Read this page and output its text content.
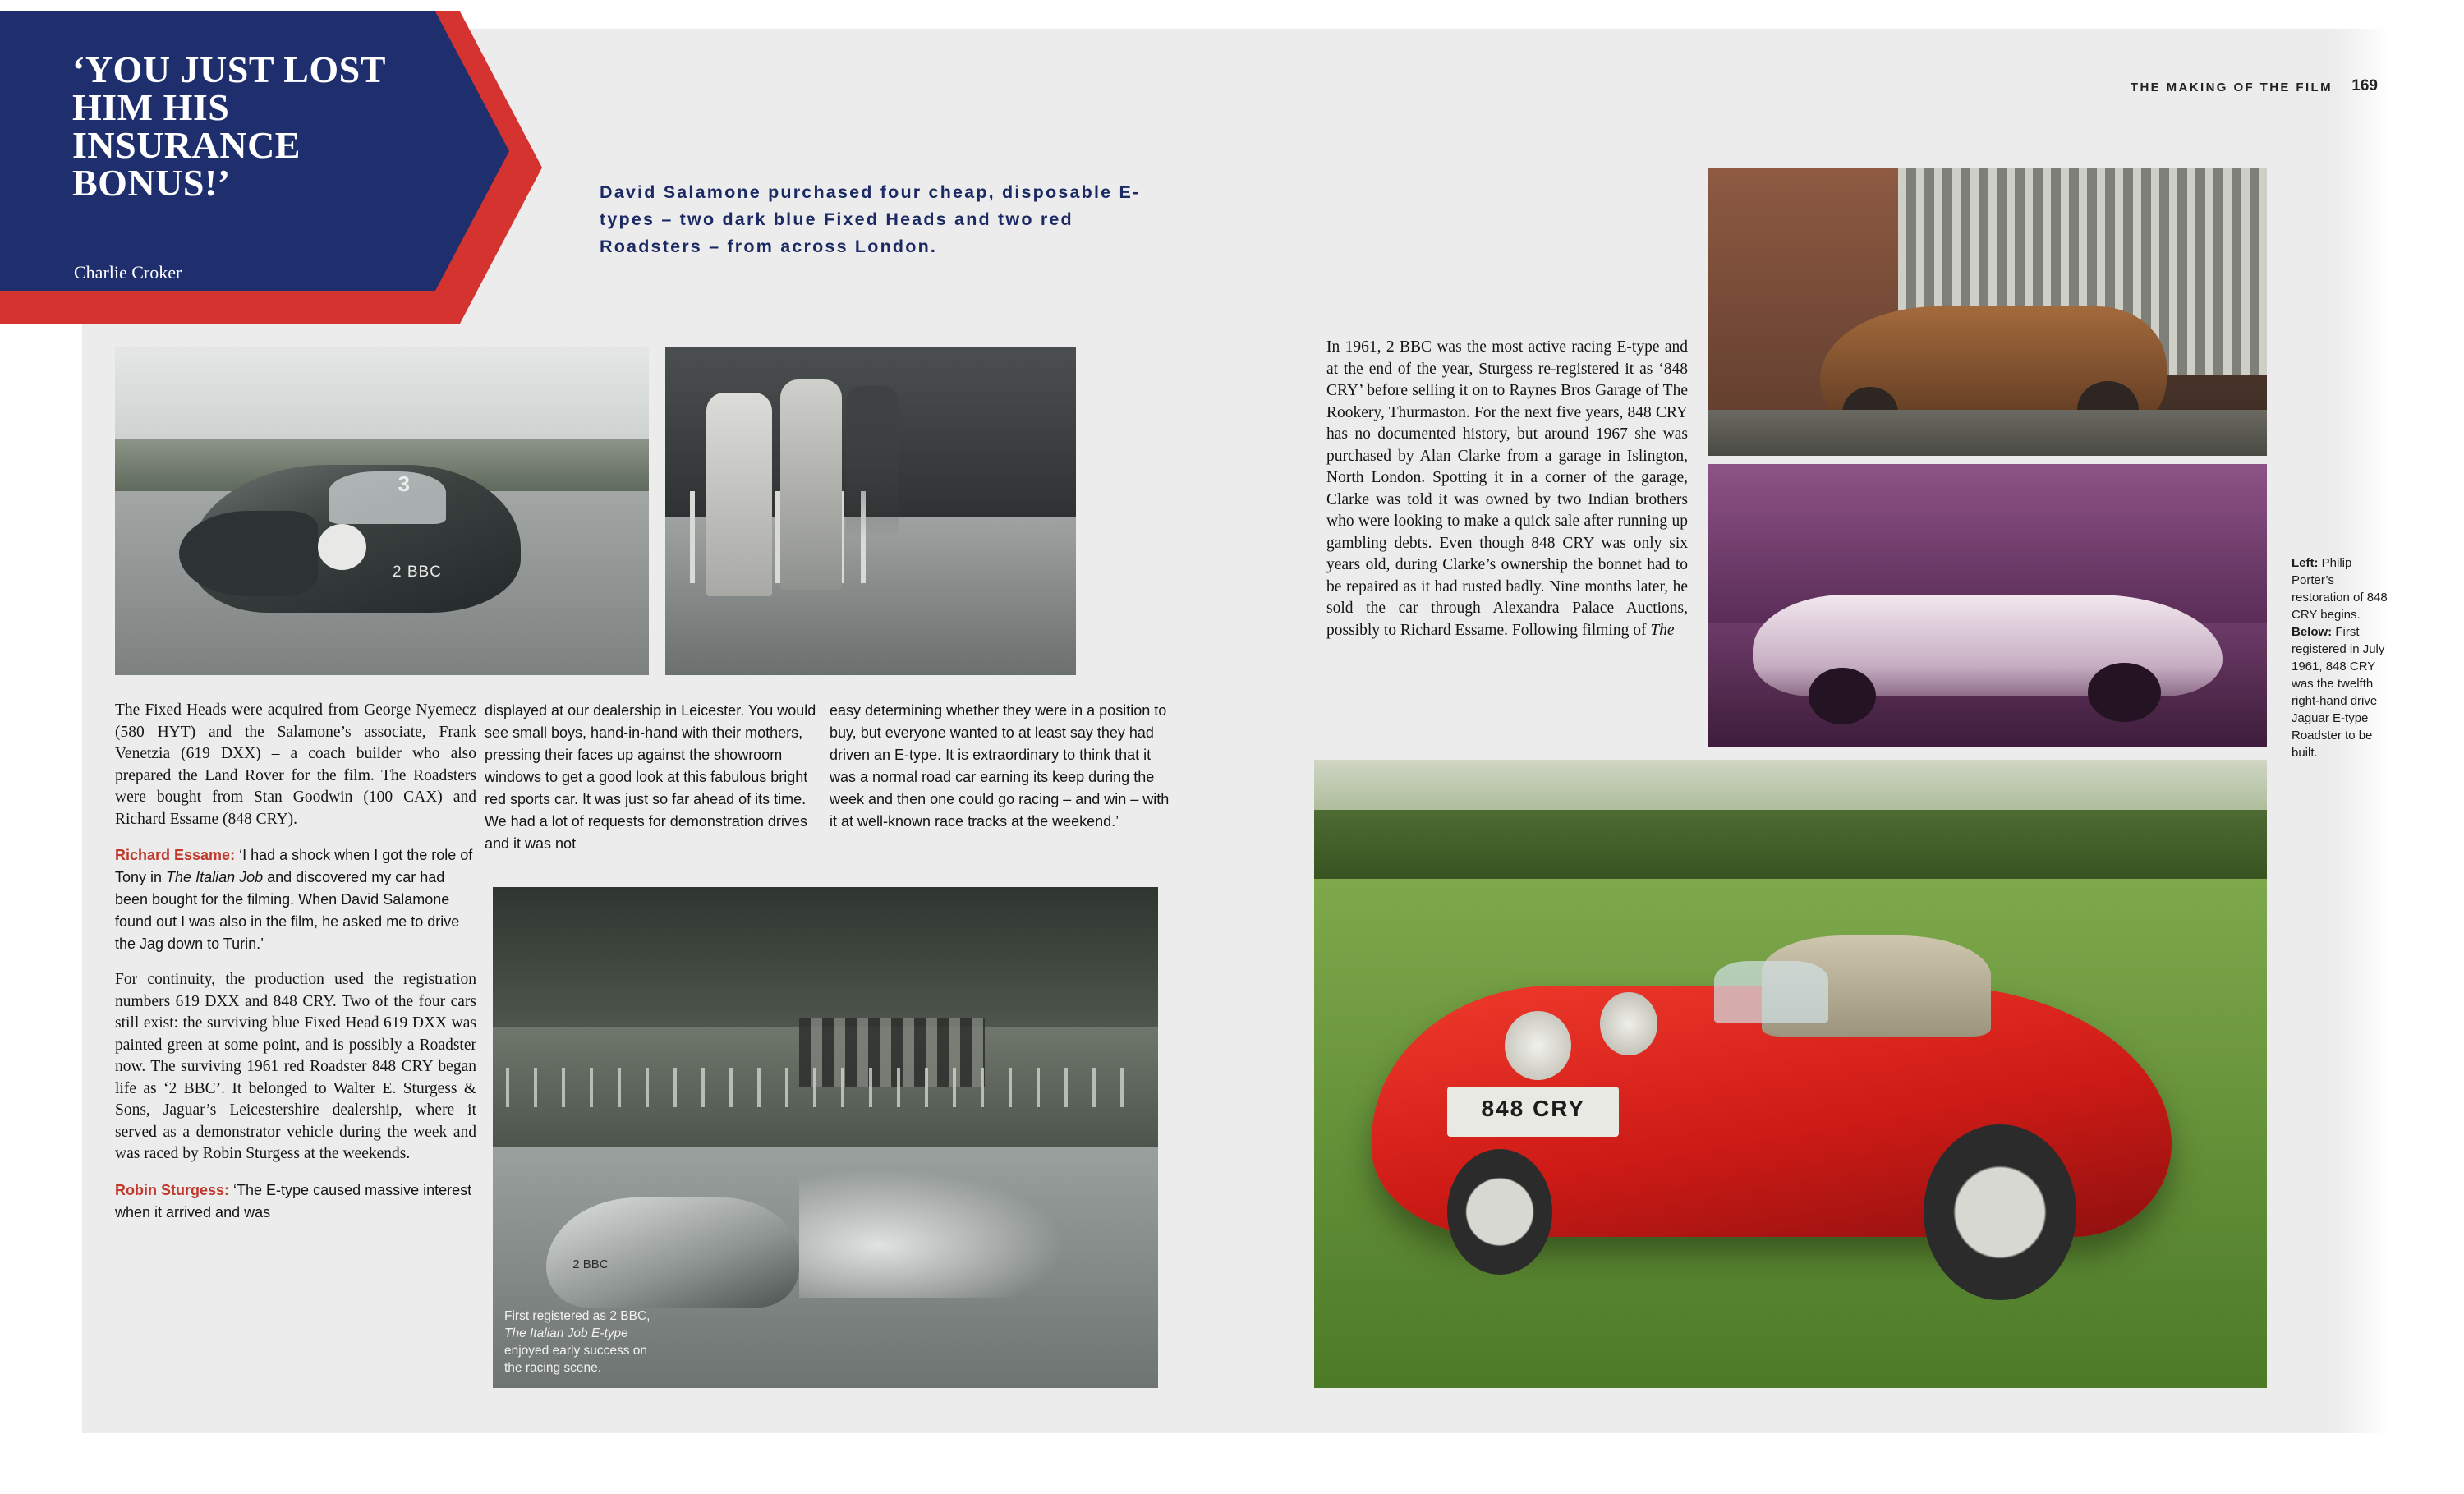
‘YOU JUST LOST HIM HIS INSURANCE BONUS!’
Charlie Croker
THE MAKING OF THE FILM 169
David Salamone purchased four cheap, disposable E-types – two dark blue Fixed Heads and two red Roadsters – from across London.
3
2 BBC
2 BBC
First registered as 2 BBC,
The Italian Job E-type
enjoyed early success on
the racing scene.
848 CRY

The Fixed Heads were acquired from George Nyemecz (580 HYT) and the Salamone’s associate, Frank Venetzia (619 DXX) – a coach builder who also prepared the Land Rover for the film. The Roadsters were bought from Stan Goodwin (100 CAX) and Richard Essame (848 CRY).

Richard Essame: ‘I had a shock when I got the role of Tony in The Italian Job and discovered my car had been bought for the filming. When David Salamone found out I was also in the film, he asked me to drive the Jag down to Turin.’

For continuity, the production used the registration numbers 619 DXX and 848 CRY. Two of the four cars still exist: the surviving blue Fixed Head 619 DXX was painted green at some point, and is possibly a Roadster now. The surviving 1961 red Roadster 848 CRY began life as ‘2 BBC’. It belonged to Walter E. Sturgess & Sons, Jaguar’s Leicestershire dealership, where it served as a demonstrator vehicle during the week and was raced by Robin Sturgess at the weekends.

Robin Sturgess: ‘The E-type caused massive interest when it arrived and was

displayed at our dealership in Leicester. You would see small boys, hand-in-hand with their mothers, pressing their faces up against the showroom windows to get a good look at this fabulous bright red sports car. It was just so far ahead of its time. We had a lot of requests for demonstration drives and it was not

easy determining whether they were in a position to buy, but everyone wanted to at least say they had driven an E-type. It is extraordinary to think that it was a normal road car earning its keep during the week and then one could go racing – and win – with it at well-known race tracks at the weekend.’

In 1961, 2 BBC was the most active racing E-type and at the end of the year, Sturgess re-registered it as ‘848 CRY’ before selling it on to Raynes Bros Garage of The Rookery, Thurmaston. For the next five years, 848 CRY has no documented history, but around 1967 she was purchased by Alan Clarke from a garage in Islington, North London. Spotting it in a corner of the garage, Clarke was told it was owned by two Indian brothers who were looking to make a quick sale after running up gambling debts. Even though 848 CRY was only six years old, during Clarke’s ownership the bonnet had to be repaired as it had rusted badly. Nine months later, he sold the car through Alexandra Palace Auctions, possibly to Richard Essame. Following filming of The

Left: Philip Porter’s restoration of 848 CRY begins.
Below: First registered in July 1961, 848 CRY was the twelfth right-hand drive Jaguar E-type Roadster to be built.
